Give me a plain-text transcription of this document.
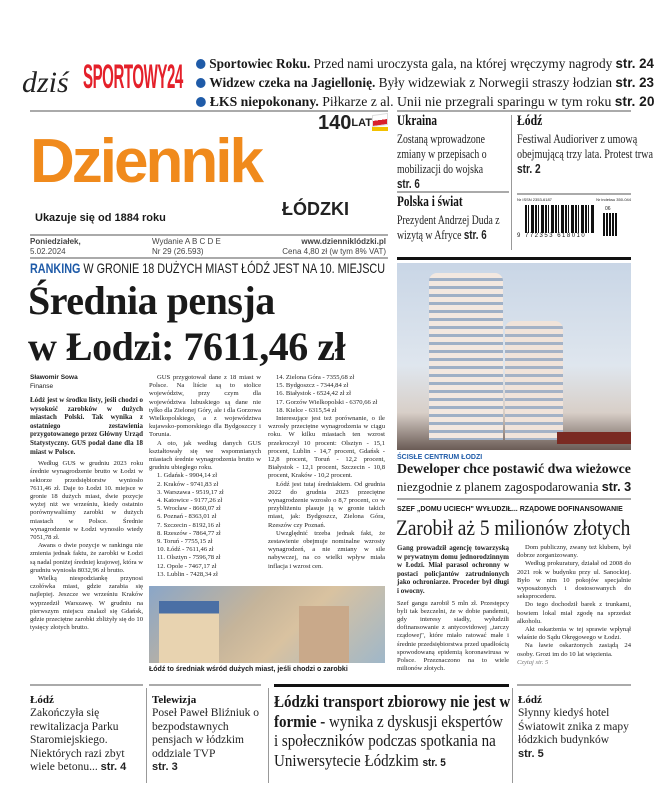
dziś SPORTOWY24	Sportowiec Roku. Przed nami uroczysta gala, na której wręczymy nagrody str. 24
Widzew czeka na Jagiellonię. Były widzewiak z Norwegii straszy łodzian str. 23
ŁKS niepokonany. Piłkarze z al. Unii nie przegrali sparingu w tym roku str. 20
Dziennik
$140^{LAT}$
ŁÓDZKI
Ukazuje się od 1884 roku
Ukraina
Zostaną wprowadzone zmiany w przepisach o mobilizacji do wojska
str. 6
Łódź
Festiwal Audioriver z umową obejmującą trzy lata. Protest trwa
str. 2
Polska i świat
Prezydent Andrzej Duda z wizytą w Afryce str. 6
Nr ISSN 2353-6187	Nr indeksu 350-044
06
9 772353 618010
Poniedziałek,
5.02.2024
Wydanie A B C D E
Nr 29 (26.593)
www.dzienniklódzki.pl
Cena 4,80 zł (w tym 8% VAT)
RANKING W GRONIE 18 DUŻYCH MIAST ŁÓDŹ JEST NA 10. MIEJSCU
Średnia pensja
w Łodzi: 7611,46 zł
Sławomir Sowa
Finanse

Łódź jest w środku listy, jeśli chodzi o wysokość zarobków w dużych miastach Polski. Tak wynika z ostatniego zestawienia przygotowanego przez Główny Urząd Statystyczny. GUS podał dane dla 18 miast w Polsce.

Według GUS w grudniu 2023 roku średnie wynagrodzenie brutto w Łodzi w sektorze przedsiębiorstw wyniosło 7611,46 zł. Daje to Łodzi 10. miejsce w gronie 18 dużych miast, dwie pozycje wyżej niż we wrześniu, kiedy ostatnio porównywaliśmy zarobki w dużych miastach w Polsce. Średnie wynagrodzenie w Łodzi wynosiło wtedy 7051,78 zł.

Awans o dwie pozycje w rankingu nie zmienia jednak faktu, że zarobki w Łodzi są nadal poniżej średniej krajowej, która w grudniu wyniosła 8032,96 zł brutto.

Wielką niespodziankę przynosi czołówka miast, gdzie zarabia się najlepiej. Jeszcze we wrześniu Kraków wyprzedził Warszawę. W grudniu na pierwszym miejscu znalazł się Gdańsk, gdzie przeciętne zarobki zbliżyły się do 10 tysięcy złotych brutto.

GUS przygotował dane z 18 miast w Polsce. Na liście są to stolice województw, przy czym dla województwa lubuskiego są dane nie tylko dla Zielonej Góry, ale i dla Gorzowa Wielkopolskiego, a z województwa kujawsko-pomorskiego dla Bydgoszczy i Torunia.

A oto, jak według danych GUS kształtowały się we wspomnianych miastach średnie wynagrodzenia brutto w grudniu ubiegłego roku.

1. Gdańsk - 9904,14 zł
2. Kraków - 9741,83 zł
3. Warszawa - 9519,17 zł
4. Katowice - 9177,26 zł
5. Wrocław - 8660,07 zł
6. Poznań - 8363,01 zł
7. Szczecin - 8192,16 zł
8. Rzeszów - 7864,77 zł
9. Toruń - 7755,15 zł
10. Łódź - 7611,46 zł
11. Olsztyn - 7596,78 zł
12. Opole - 7467,17 zł
13. Lublin - 7428,34 zł
14. Zielona Góra - 7355,68 zł
15. Bydgoszcz - 7344,84 zł
16. Białystok - 6524,42 zł zł
17. Gorzów Wielkopolski - 6370,66 zł
18. Kielce - 6315,54 zł

Interesujące jest też porównanie, o ile wzrosły przeciętne wynagrodzenia w ciągu roku. W kilku miastach ten wzrost przekroczył 10 procent: Olsztyn - 15,1 procent, Lublin - 14,7 procent, Gdańsk - 12,8 procent, Toruń - 12,2 procent, Białystok - 12,1 procent, Szczecin - 10,8 procent, Kraków - 10,2 procent.

Łódź jest tutaj średniakiem. Od grudnia 2022 do grudnia 2023 przeciętne wynagrodzenie wzrosło o 8,7 procent, co w przybliżeniu plasuje ją w gronie takich miast, jak: Bydgoszcz, Zielona Góra, Rzeszów czy Poznań.

Uwzględnić trzeba jednak fakt, że zestawienie obejmuje nominalne wzrosty wynagrodzeń, a nie zmiany w sile nabywczej, na co wielki wpływ miała inflacja i wzrost cen.

Łódź to średniak wśród dużych miast, jeśli chodzi o zarobki
ŚCISŁE CENTRUM ŁODZI
Deweloper chce postawić dwa wieżowce
niezgodnie z planem zagospodarowania str. 3
SZEF „DOMU UCIECH" WYŁUDZIŁ... RZĄDOWE DOFINANSOWANIE
Zarobił aż 5 milionów złotych

Gang prowadził agencję towarzyską w prywatnym domu jednorodzinnym w Łodzi. Miał parasol ochronny w postaci policjantów zatrudnionych jako ochroniarze. Proceder był długi i owocny.

Szef gangu zarobił 5 mln zł. Przestępcy byli tak bezczelni, że w dobie pandemii, gdy interesy siadły, wyłudzili dofinansowanie z antycovidowej „tarczy rządowej", które miało ratować małe i średnie przedsiębiorstwa przed upadłością spowodowaną epidemią koronawirusa w Polsce. Przeznaczono na to wiele milionów złotych.

Dom publiczny, zwany też klubem, był dobrze zorganizowany.

Według prokuratury, działał od 2008 do 2021 rok w budynku przy ul. Sanockiej. Było w nim 10 pokojów specjalnie wyposażonych i dostosowanych do seksprocederu.

Do tego dochodził barek z trunkami, bowiem lokal miał zgodę na sprzedaż alkoholu.

Akt oskarżenia w tej sprawie wpłynął właśnie do Sądu Okręgowego w Łodzi.

Na ławie oskarżonych zasiądą 24 osoby. Grozi im do 10 lat więzienia.

Czytaj str. 5
Łódź
Zakończyła się rewitalizacja Parku Staromiejskiego. Niektórych razi zbyt wiele betonu... str. 4
Telewizja
Poseł Paweł Bliźniuk o bezpodstawnych pensjach w łódzkim oddziale TVP
str. 3
Łódzki transport zbiorowy nie jest w formie - wynika z dyskusji ekspertów i społeczników podczas spotkania na Uniwersytecie Łódzkim str. 5
Łódź
Słynny kiedyś hotel Światowit znika z mapy łódzkich budynków
str. 5
